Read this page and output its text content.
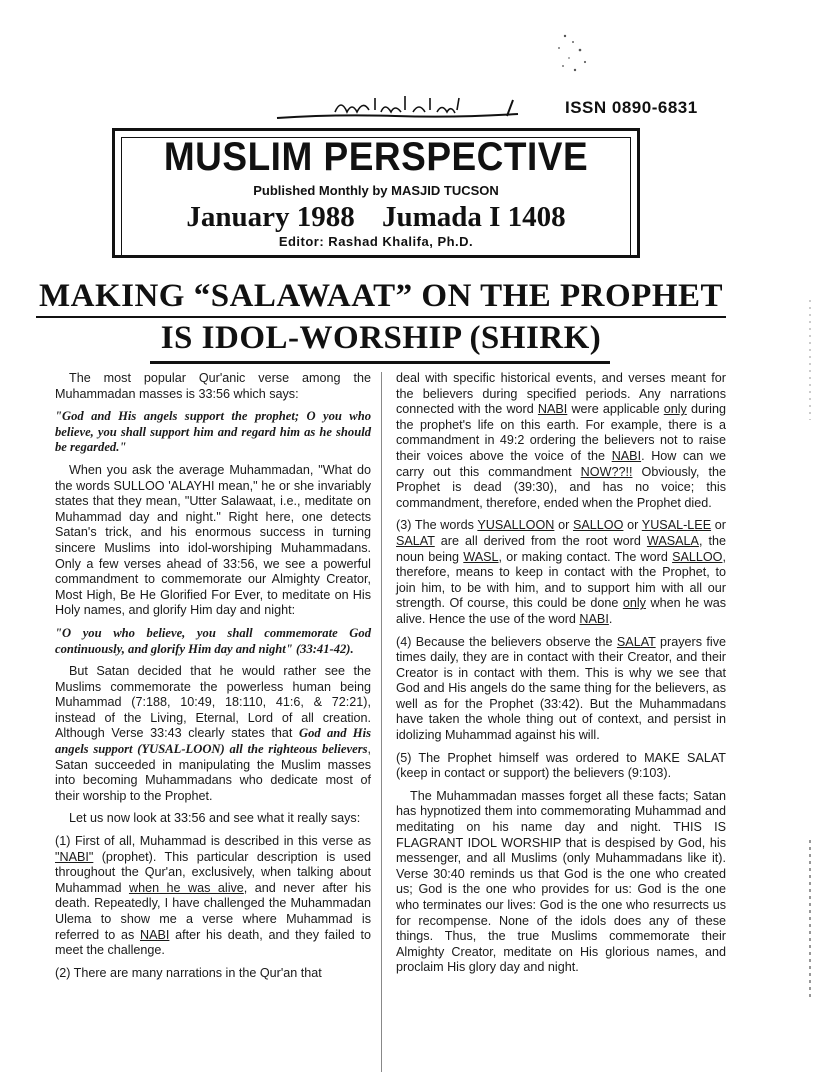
ISSN 0890-6831
MUSLIM PERSPECTIVE
Published Monthly by MASJID TUCSON
January 1988 Jumada I 1408
Editor: Rashad Khalifa, Ph.D.
MAKING “SALAWAAT” ON THE PROPHET
IS IDOL-WORSHIP (SHIRK)

The most popular Qur'anic verse among the Muhammadan masses is 33:56 which says:

"God and His angels support the prophet; O you who believe, you shall support him and regard him as he should be regarded."

When you ask the average Muhammadan, "What do the words SULLOO 'ALAYHI mean," he or she invariably states that they mean, "Utter Salawaat, i.e., meditate on Muhammad day and night." Right here, one detects Satan's trick, and his enormous success in turning sincere Muslims into idol-worshiping Muhammadans. Only a few verses ahead of 33:56, we see a powerful commandment to commemorate our Almighty Creator, Most High, Be He Glorified For Ever, to meditate on His Holy names, and glorify Him day and night:

"O you who believe, you shall commemorate God continuously, and glorify Him day and night" (33:41-42).

But Satan decided that he would rather see the Muslims commemorate the powerless human being Muhammad (7:188, 10:49, 18:110, 41:6, & 72:21), instead of the Living, Eternal, Lord of all creation. Although Verse 33:43 clearly states that God and His angels support (YUSAL-LOON) all the righteous believers, Satan succeeded in manipulating the Muslim masses into becoming Muhammadans who dedicate most of their worship to the Prophet.

Let us now look at 33:56 and see what it really says:

(1) First of all, Muhammad is described in this verse as "NABI" (prophet). This particular description is used throughout the Qur'an, exclusively, when talking about Muhammad when he was alive, and never after his death. Repeatedly, I have challenged the Muhammadan Ulema to show me a verse where Muhammad is referred to as NABI after his death, and they failed to meet the challenge.

(2) There are many narrations in the Qur'an that

deal with specific historical events, and verses meant for the believers during specified periods. Any narrations connected with the word NABI were applicable only during the prophet's life on this earth. For example, there is a commandment in 49:2 ordering the believers not to raise their voices above the voice of the NABI. How can we carry out this commandment NOW??!! Obviously, the Prophet is dead (39:30), and has no voice; this commandment, therefore, ended when the Prophet died.

(3) The words YUSALLOON or SALLOO or YUSAL-LEE or SALAT are all derived from the root word WASALA, the noun being WASL, or making contact. The word SALLOO, therefore, means to keep in contact with the Prophet, to join him, to be with him, and to support him with all our strength. Of course, this could be done only when he was alive. Hence the use of the word NABI.

(4) Because the believers observe the SALAT prayers five times daily, they are in contact with their Creator, and their Creator is in contact with them. This is why we see that God and His angels do the same thing for the believers, as well as for the Prophet (33:42). But the Muhammadans have taken the whole thing out of context, and persist in idolizing Muhammad against his will.

(5) The Prophet himself was ordered to MAKE SALAT (keep in contact or support) the believers (9:103).

The Muhammadan masses forget all these facts; Satan has hypnotized them into commemorating Muhammad and meditating on his name day and night. THIS IS FLAGRANT IDOL WORSHIP that is despised by God, his messenger, and all Muslims (only Muhammadans like it). Verse 30:40 reminds us that God is the one who created us; God is the one who provides for us: God is the one who terminates our lives: God is the one who resurrects us for recompense. None of the idols does any of these things. Thus, the true Muslims commemorate their Almighty Creator, meditate on His glorious names, and proclaim His glory day and night.
